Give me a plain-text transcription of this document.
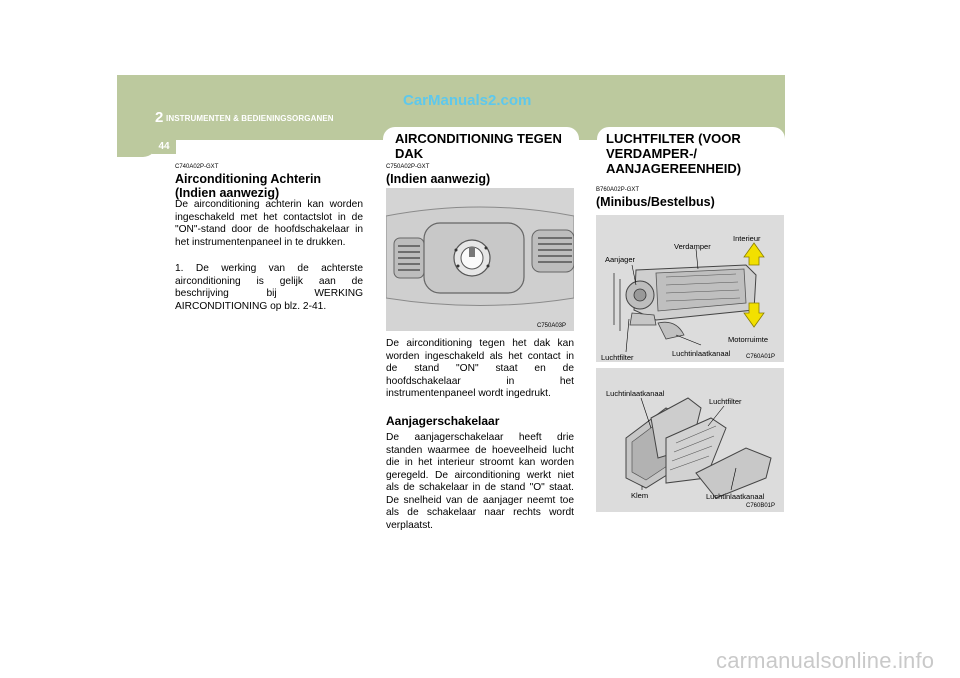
2 INSTRUMENTEN & BEDIENINGSORGANEN
CarManuals2.com
44
C740A02P-GXT
Airconditioning Achterin (Indien aanwezig)
De airconditioning achterin kan worden ingeschakeld met het contactslot in de "ON"-stand door de hoofdschakelaar in het instrumentenpaneel in te drukken.
1. De werking van de achterste airconditioning is gelijk aan de beschrijving bij WERKING AIRCONDITIONING op blz. 2-41.
AIRCONDITIONING TEGEN DAK
C750A02P-GXT
(Indien aanwezig)
C750A03P
De airconditioning tegen het dak kan worden ingeschakeld als het contact in de stand "ON" staat en de hoofdschakelaar in het instrumentenpaneel wordt ingedrukt.
Aanjagerschakelaar
De aanjagerschakelaar heeft drie standen waarmee de hoeveelheid lucht die in het interieur stroomt kan worden geregeld. De airconditioning werkt niet als de schakelaar in de stand "O" staat. De snelheid van de aanjager neemt toe als de schakelaar naar rechts wordt verplaatst.
LUCHTFILTER (VOOR VERDAMPER-/ AANJAGEREENHEID)
B760A02P-GXT
(Minibus/Bestelbus)
Interieur
Verdamper
Aanjager
Motorruimte
Luchtinlaatkanaal
Luchtfilter	C760A01P
Luchtinlaatkanaal
Luchtfilter
Klem	Luchtinlaatkanaal
C760B01P
carmanualsonline.info
